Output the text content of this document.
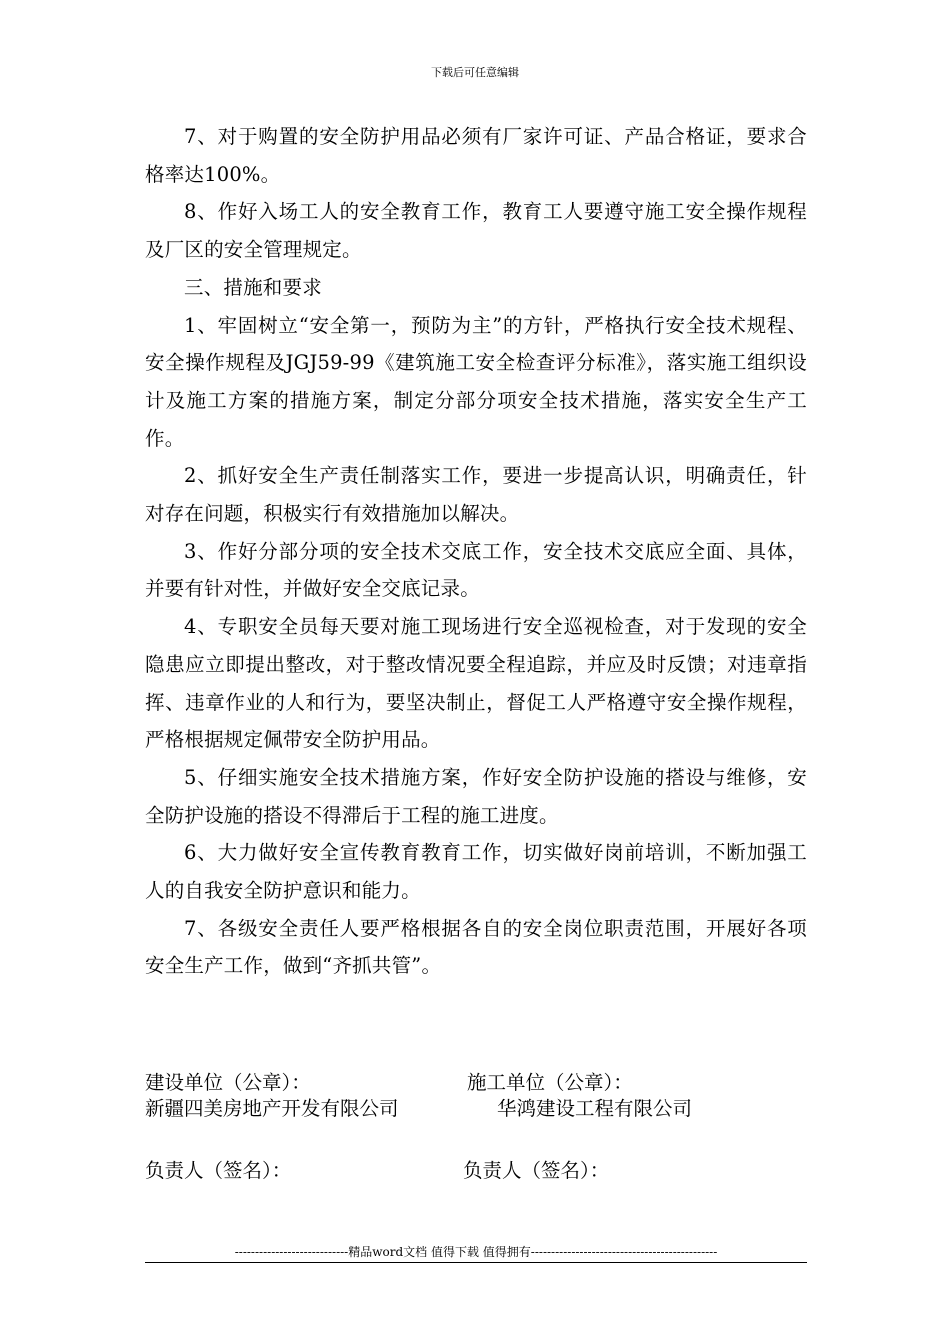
下载后可任意编辑

7、对于购置的安全防护用品必须有厂家许可证、产品合格证，要求合格率达100%。

8、作好入场工人的安全教育工作，教育工人要遵守施工安全操作规程及厂区的安全管理规定。

三、措施和要求

1、牢固树立“安全第一，预防为主”的方针，严格执行安全技术规程、安全操作规程及JGJ59-99《建筑施工安全检查评分标准》，落实施工组织设计及施工方案的措施方案，制定分部分项安全技术措施，落实安全生产工作。

2、抓好安全生产责任制落实工作，要进一步提高认识，明确责任，针对存在问题，积极实行有效措施加以解决。

3、作好分部分项的安全技术交底工作，安全技术交底应全面、具体，并要有针对性，并做好安全交底记录。

4、专职安全员每天要对施工现场进行安全巡视检查，对于发现的安全隐患应立即提出整改，对于整改情况要全程追踪，并应及时反馈；对违章指挥、违章作业的人和行为，要坚决制止，督促工人严格遵守安全操作规程，严格根据规定佩带安全防护用品。

5、仔细实施安全技术措施方案，作好安全防护设施的搭设与维修，安全防护设施的搭设不得滞后于工程的施工进度。

6、大力做好安全宣传教育教育工作，切实做好岗前培训，不断加强工人的自我安全防护意识和能力。

7、各级安全责任人要严格根据各自的安全岗位职责范围，开展好各项安全生产工作，做到“齐抓共管”。

建设单位（公章）：	施工单位（公章）：
新疆四美房地产开发有限公司	华鸿建设工程有限公司
负责人（签名）：	负责人（签名）：
----------------------------精品word文档 值得下载 值得拥有----------------------------------------------
